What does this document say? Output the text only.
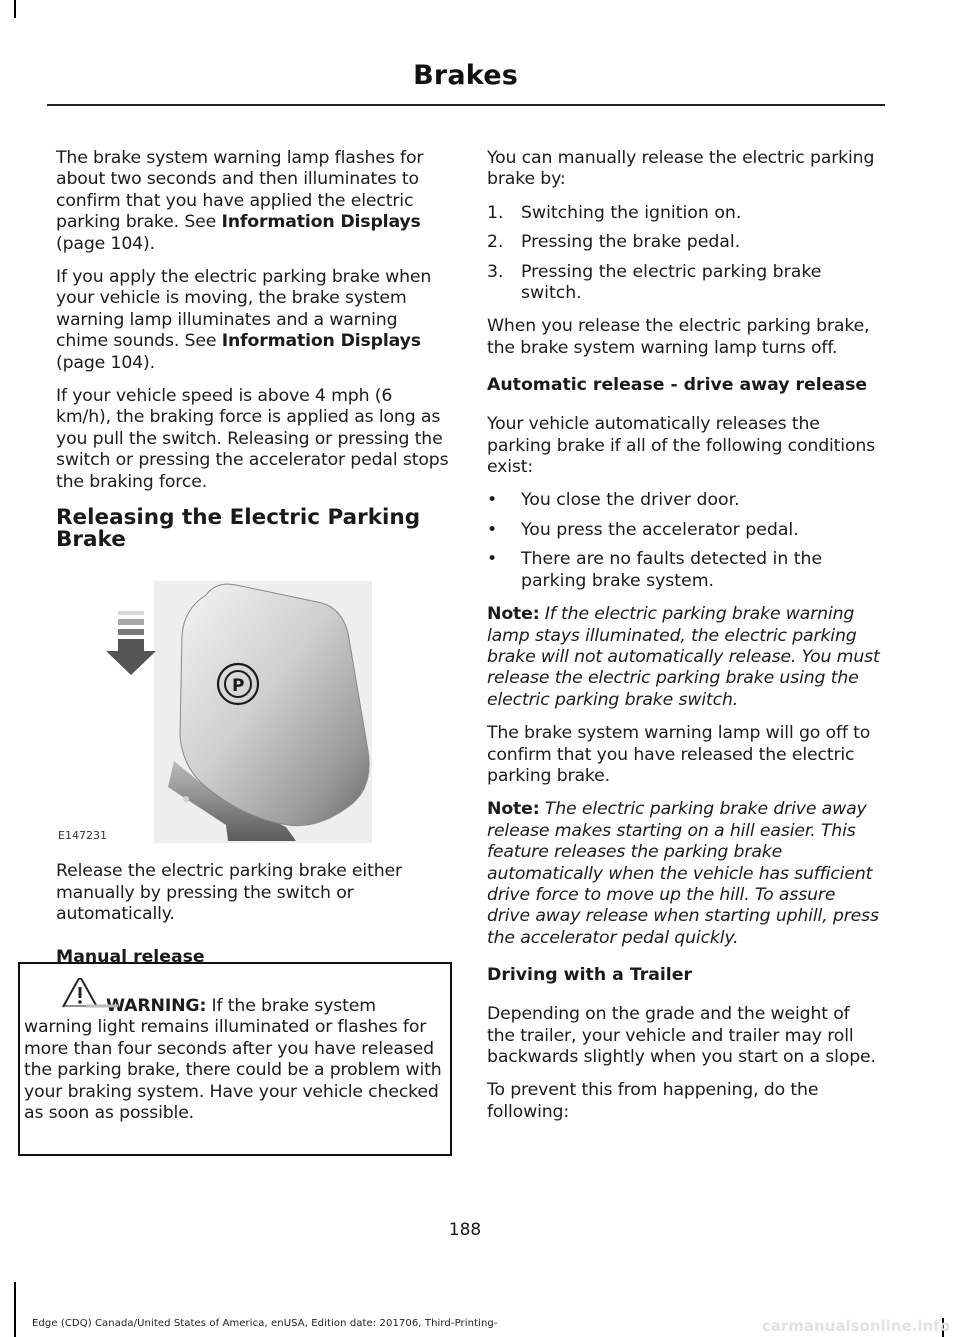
Brakes

The brake system warning lamp flashes for about two seconds and then illuminates to confirm that you have applied the electric parking brake. See Information Displays (page 104).

If you apply the electric parking brake when your vehicle is moving, the brake system warning lamp illuminates and a warning chime sounds. See Information Displays (page 104).

If your vehicle speed is above 4 mph (6 km/h), the braking force is applied as long as you pull the switch. Releasing or pressing the switch or pressing the accelerator pedal stops the braking force.

Releasing the Electric Parking Brake
P
E147231

Release the electric parking brake either manually by pressing the switch or automatically.

Manual release

WARNING: If the brake system warning light remains illuminated or flashes for more than four seconds after you have released the parking brake, there could be a problem with your braking system. Have your vehicle checked as soon as possible.

You can manually release the electric parking brake by:

1. Switching the ignition on.
2. Pressing the brake pedal.
3. Pressing the electric parking brake switch.

When you release the electric parking brake, the brake system warning lamp turns off.

Automatic release - drive away release

Your vehicle automatically releases the parking brake if all of the following conditions exist:

• You close the driver door.
• You press the accelerator pedal.
• There are no faults detected in the parking brake system.

Note: If the electric parking brake warning lamp stays illuminated, the electric parking brake will not automatically release. You must release the electric parking brake using the electric parking brake switch.

The brake system warning lamp will go off to confirm that you have released the electric parking brake.

Note: The electric parking brake drive away release makes starting on a hill easier. This feature releases the parking brake automatically when the vehicle has sufficient drive force to move up the hill. To assure drive away release when starting uphill, press the accelerator pedal quickly.

Driving with a Trailer

Depending on the grade and the weight of the trailer, your vehicle and trailer may roll backwards slightly when you start on a slope.

To prevent this from happening, do the following:

188
Edge (CDQ) Canada/United States of America, enUSA, Edition date: 201706, Third-Printing-	carmanualsonline.info
